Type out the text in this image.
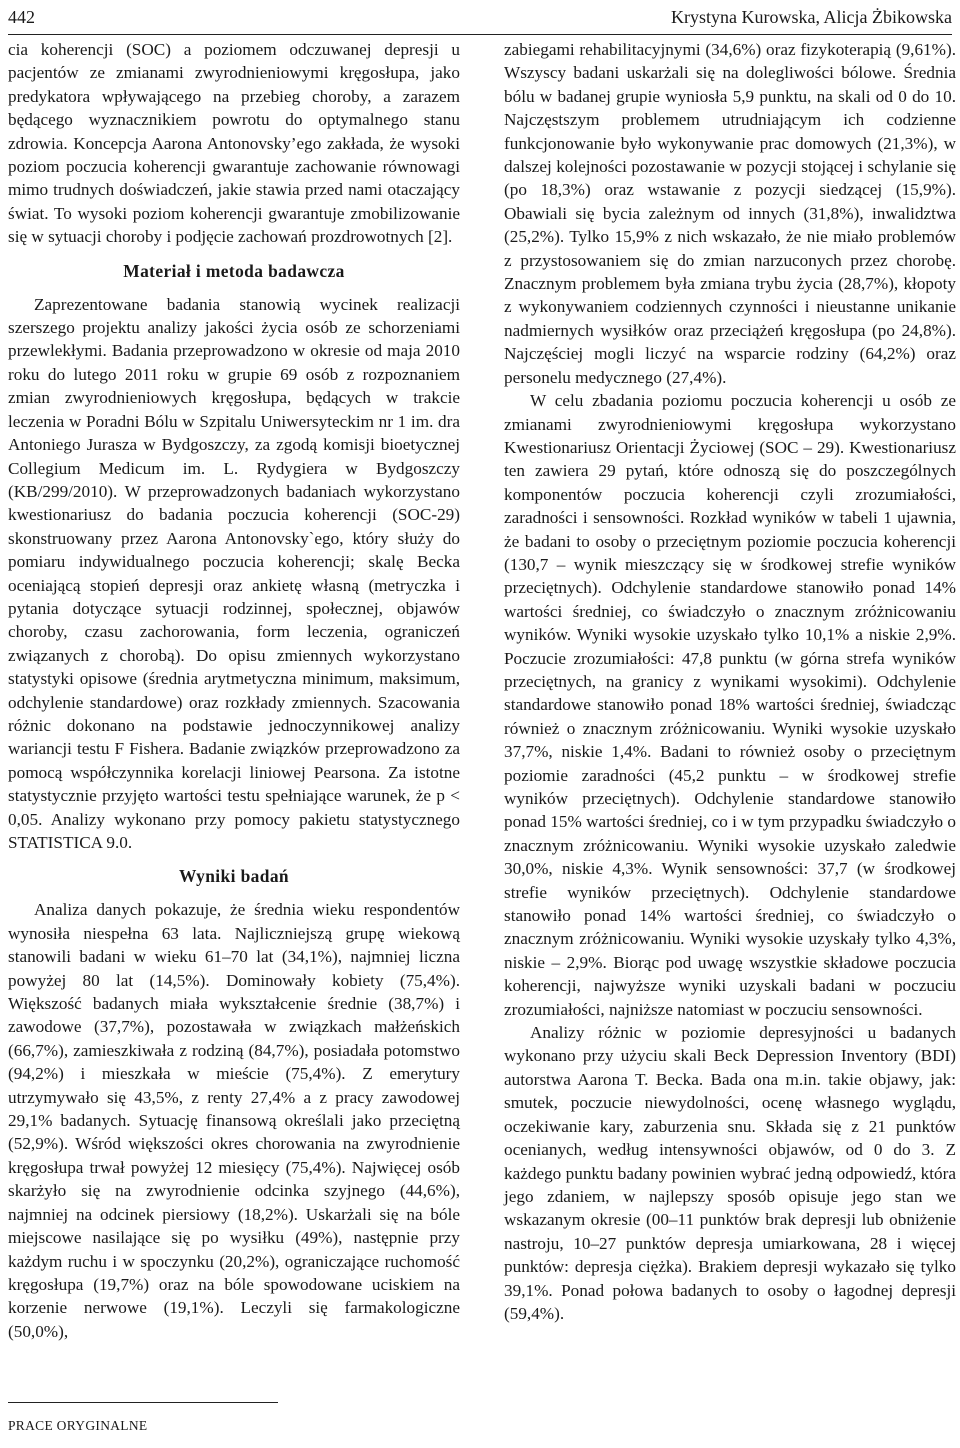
442	Krystyna Kurowska, Alicja Żbikowska

cia koherencji (SOC) a poziomem odczuwanej depresji u pacjentów ze zmianami zwyrodnieniowymi kręgosłupa, jako predykatora wpływającego na przebieg choroby, a zarazem będącego wyznacznikiem powrotu do optymalnego stanu zdrowia. Koncepcja Aarona Antonovsky’ego zakłada, że wysoki poziom poczucia koherencji gwarantuje zachowanie równowagi mimo trudnych doświadczeń, jakie stawia przed nami otaczający świat. To wysoki poziom koherencji gwarantuje zmobilizowanie się w sytuacji choroby i podjęcie zachowań prozdrowotnych [2].

Materiał i metoda badawcza

Zaprezentowane badania stanowią wycinek realizacji szerszego projektu analizy jakości życia osób ze schorzeniami przewlekłymi. Badania przeprowadzono w okresie od maja 2010 roku do lutego 2011 roku w grupie 69 osób z rozpoznaniem zmian zwyrodnieniowych kręgosłupa, będących w trakcie leczenia w Poradni Bólu w Szpitalu Uniwersyteckim nr 1 im. dra Antoniego Jurasza w Bydgoszczy, za zgodą komisji bioetycznej Collegium Medicum im. L. Rydygiera w Bydgoszczy (KB/299/2010). W przeprowadzonych badaniach wykorzystano kwestionariusz do badania poczucia koherencji (SOC-29) skonstruowany przez Aarona Antonovsky`ego, który służy do pomiaru indywidualnego poczucia koherencji; skalę Becka oceniającą stopień depresji oraz ankietę własną (metryczka i pytania dotyczące sytuacji rodzinnej, społecznej, objawów choroby, czasu zachorowania, form leczenia, ograniczeń związanych z chorobą). Do opisu zmiennych wykorzystano statystyki opisowe (średnia arytmetyczna minimum, maksimum, odchylenie standardowe) oraz rozkłady zmiennych. Szacowania różnic dokonano na podstawie jednoczynnikowej analizy wariancji testu F Fishera. Badanie związków przeprowadzono za pomocą współczynnika korelacji liniowej Pearsona. Za istotne statystycznie przyjęto wartości testu spełniające warunek, że p < 0,05. Analizy wykonano przy pomocy pakietu statystycznego STATISTICA 9.0.

Wyniki badań

Analiza danych pokazuje, że średnia wieku respondentów wynosiła niespełna 63 lata. Najliczniejszą grupę wiekową stanowili badani w wieku 61–70 lat (34,1%), najmniej liczna powyżej 80 lat (14,5%). Dominowały kobiety (75,4%). Większość badanych miała wykształcenie średnie (38,7%) i zawodowe (37,7%), pozostawała w związkach małżeńskich (66,7%), zamieszkiwała z rodziną (84,7%), posiadała potomstwo (94,2%) i mieszkała w mieście (75,4%). Z emerytury utrzymywało się 43,5%, z renty 27,4% a z pracy zawodowej 29,1% badanych. Sytuację finansową określali jako przeciętną (52,9%). Wśród większości okres chorowania na zwyrodnienie kręgosłupa trwał powyżej 12 miesięcy (75,4%). Najwięcej osób skarżyło się na zwyrodnienie odcinka szyjnego (44,6%), najmniej na odcinek piersiowy (18,2%). Uskarżali się na bóle miejscowe nasilające się po wysiłku (49%), następnie przy każdym ruchu i w spoczynku (20,2%), ograniczające ruchomość kręgosłupa (19,7%) oraz na bóle spowodowane uciskiem na korzenie nerwowe (19,1%). Leczyli się farmakologiczne (50,0%),

zabiegami rehabilitacyjnymi (34,6%) oraz fizykoterapią (9,61%). Wszyscy badani uskarżali się na dolegliwości bólowe. Średnia bólu w badanej grupie wyniosła 5,9 punktu, na skali od 0 do 10. Najczęstszym problemem utrudniającym ich codzienne funkcjonowanie było wykonywanie prac domowych (21,3%), w dalszej kolejności pozostawanie w pozycji stojącej i schylanie się (po 18,3%) oraz wstawanie z pozycji siedzącej (15,9%). Obawiali się bycia zależnym od innych (31,8%), inwalidztwa (25,2%). Tylko 15,9% z nich wskazało, że nie miało problemów z przystosowaniem się do zmian narzuconych przez chorobę. Znacznym problemem była zmiana trybu życia (28,7%), kłopoty z wykonywaniem codziennych czynności i nieustanne unikanie nadmiernych wysiłków oraz przeciążeń kręgosłupa (po 24,8%). Najczęściej mogli liczyć na wsparcie rodziny (64,2%) oraz personelu medycznego (27,4%).

W celu zbadania poziomu poczucia koherencji u osób ze zmianami zwyrodnieniowymi kręgosłupa wykorzystano Kwestionariusz Orientacji Życiowej (SOC – 29). Kwestionariusz ten zawiera 29 pytań, które odnoszą się do poszczególnych komponentów poczucia koherencji czyli zrozumiałości, zaradności i sensowności. Rozkład wyników w tabeli 1 ujawnia, że badani to osoby o przeciętnym poziomie poczucia koherencji (130,7 – wynik mieszczący się w środkowej strefie wyników przeciętnych). Odchylenie standardowe stanowiło ponad 14% wartości średniej, co świadczyło o znacznym zróżnicowaniu wyników. Wyniki wysokie uzyskało tylko 10,1% a niskie 2,9%. Poczucie zrozumiałości: 47,8 punktu (w górna strefa wyników przeciętnych, na granicy z wynikami wysokimi). Odchylenie standardowe stanowiło ponad 18% wartości średniej, świadcząc również o znacznym zróżnicowaniu. Wyniki wysokie uzyskało 37,7%, niskie 1,4%. Badani to również osoby o przeciętnym poziomie zaradności (45,2 punktu – w środkowej strefie wyników przeciętnych). Odchylenie standardowe stanowiło ponad 15% wartości średniej, co i w tym przypadku świadczyło o znacznym zróżnicowaniu. Wyniki wysokie uzyskało zaledwie 30,0%, niskie 4,3%. Wynik sensowności: 37,7 (w środkowej strefie wyników przeciętnych). Odchylenie standardowe stanowiło ponad 14% wartości średniej, co świadczyło o znacznym zróżnicowaniu. Wyniki wysokie uzyskały tylko 4,3%, niskie – 2,9%. Biorąc pod uwagę wszystkie składowe poczucia koherencji, najwyższe wyniki uzyskali badani w poczuciu zrozumiałości, najniższe natomiast w poczuciu sensowności.

Analizy różnic w poziomie depresyjności u badanych wykonano przy użyciu skali Beck Depression Inventory (BDI) autorstwa Aarona T. Becka. Bada ona m.in. takie objawy, jak: smutek, poczucie niewydolności, ocenę własnego wyglądu, oczekiwanie kary, zaburzenia snu. Składa się z 21 punktów ocenianych, według intensywności objawów, od 0 do 3. Z każdego punktu badany powinien wybrać jedną odpowiedź, która jego zdaniem, w najlepszy sposób opisuje jego stan we wskazanym okresie (00–11 punktów brak depresji lub obniżenie nastroju, 10–27 punktów depresja umiarkowana, 28 i więcej punktów: depresja ciężka). Brakiem depresji wykazało się tylko 39,1%. Ponad połowa badanych to osoby o łagodnej depresji (59,4%).

PRACE ORYGINALNE
